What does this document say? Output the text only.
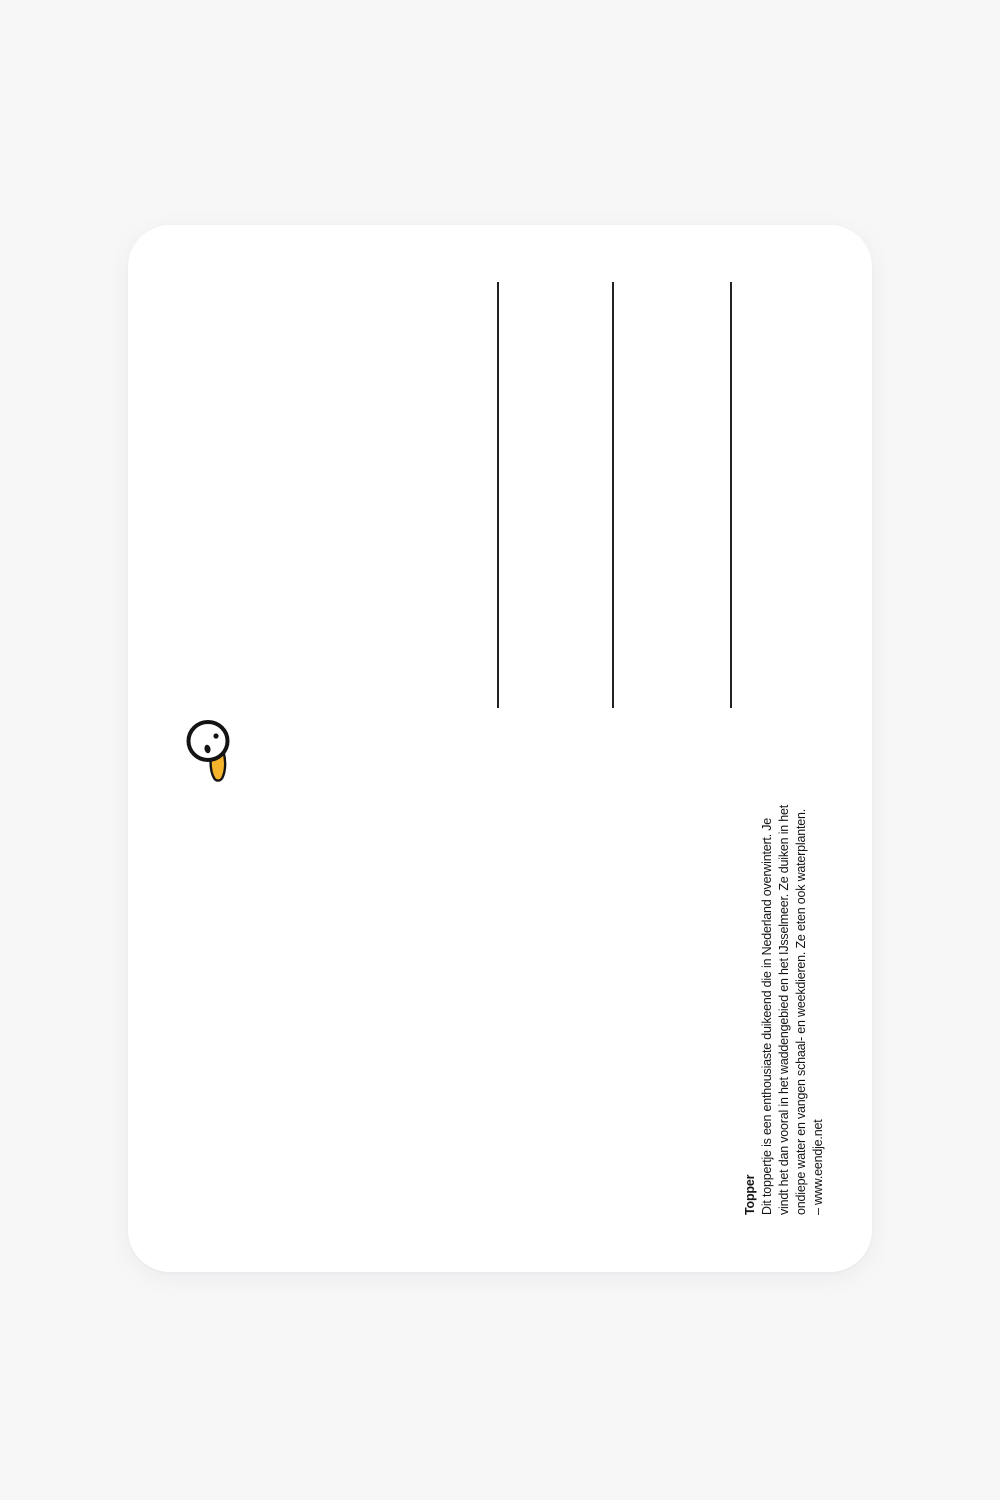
Topper Dit toppertje is een enthousiaste duikeend die in Nederland overwintert. Je vindt het dan vooral in het waddengebied en het IJsselmeer. Ze duiken in het ondiepe water en vangen schaal- en weekdieren. Ze eten ook waterplanten. – www.eendje.net
